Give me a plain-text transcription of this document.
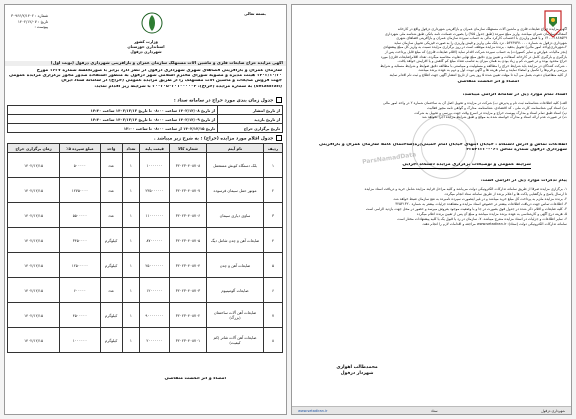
ParsNamadData
آگهی مزایده حراج ضایعات فلزی و ماشین آلات مستهلک سازمان عمران و بازآفرینی شهرداری دزفول واقع در کارخانه
آسفالت سازمان عمران میباشد. واریز مبلغ سپرده (طبق جدول ۵%) را بصورت ضمانت نامه بانکی طبق شناسه ملی شهرداری
۱۴۰۰۰۱۸۶۸۵۴۹ و یا فیش واریزی با احتساب کارکرد مالی به حساب سپرده سازمان عمران و بازآفرینی فضاهای شهری
شهرداری دزفول به شماره ۰۵۶۳۶۷۳۷۰۰۰۰ نزد بانک ملی واریز و فیش واریزی را به صورت فیزیکی تحویل سازمان نماید
۲-شهرداری(واحد امور مالی) تحویل بدهید . برنده مزایده موظف است در روز برگزاری مزایده نسبت به واریز کل مبلغ پیشنهادی
(بجز مالیات، عوارض و سایر کسورات) به حساب سپرده شرکت اقدام نماید (اقلام ضایعات فلزی) که مبلغ قابل پرداخت پس از
بازگیری و بارگیری کامل در کارخانه آسفالت و تعیین وزن دقیق مبلغ نهایی تفاوت محاسبه میگردد. تعداد اقلام(ضایعات فلزی) مورد
حراج محدود بوده و در صورت کم و زیاد بودن به همان میزان به تناسب تعداد مبلغ کم گاهش و یا افزایش خواهد یافت.
- شرکت کنندگان در مزایده باید شرایط حراج را مطالعه و مسئولیت و مبیاستی با مطالعه دقیق ضوابط و شرایط مسئابه و شرایط
بررسی و فرم‌ها را تکمیل و امضاء نمایند و تمام هزینه ها و آگهی نوبت اول و دوم به عهده برنده میباشد.
از کلیه متقاضیان دعوت بعمل می آید تا مهلت تعیین شده ۵ روز پس از تاریخ انتشار آگهی جهت اطلاع و ثبت نام اقدام نمایند
امضاء و اثر انگشت متقاضی
اسناد تمام موارد ذیل در سامانه الزامی میباشد:
الف) کلیه اطلاعات شناسنامه ثبت نام و پذیرش ب) شرکت در مزایده و تحویل اصل آن به ساختمان شماره ۲ در واحد امور مالی
ب) اسناد کپی شناسنامه، کارت ملی ، کد اقتصادی، شناسنامه، مدارک و گواهی نامه مجوز فعالیت
پ) اسناد طبق تمام اسناد و مدارک پیوست حراج و مزایده در اسرع وقت جهت بررسی و تحویل به شرکت
ت) در صورت عدم ارائه اسناد و مدارک خواسته شده به موقع و طبق شرایط مزایده اجرا نخواهد شد
اطلاعات تماس و آدرس دستگاه : خیابان انتهای خیابان امام خمینی(ره)ساختمان کاملا سازمان عمران و بازآفرینی
شهرداری دزفول شماره تماس ۰۶۱-۴۲۵۴۱۳۲۰
شرایط عمومی و توضیحات برگزاری مزایده دستگاه اجرایی
پیام تذکرات موارد ذیل در الزامی است:
۱- برگزاری مزایده صرفاً از طریق سامانه تدارکات الکترونیکی دولت می‌باشد و کلیه مراحل فرایند مزایده شامل خرید و دریافت اسناد مزایده
تا ارسال پاسخ و بازگشایی پاکت ها و اعلام برنده از طریق سامانه ستاد انجام میگردد.
۲- برنده مزایده ملزم به پرداخت کل مبلغ خرید میباشد و در غیر اینصورت سپرده نامبرده به نفع سازمان ضبط خواهد شد.
۳- اطلاعات تماس جهت دریافت اطلاعات بیشتر در خصوص اسناد مزایده و مشاهده جزئیات بیشتر به شماره ۴۲۵۴۱۳۲۰
۴- کلیه ضایعات و اقلام ذکر شده در جدول فوق بصورت در جا و با وضعیت موجود بفروش میرسد و حضور در محل جهت بازدید الزامی است
۵- هزینه درج آگهی و کارشناسی به عهده برنده مزایده میباشد و مبلغ آن پس از تعیین برنده اعلام میگردد
۶- سایر اطلاعات و جزئیات در اسناد مزایده مندرج میباشد. ۷- سازمان در رد یا قبول یک یا کلیه پیشنهادات مختار است
سامانه تدارکات الکترونیکی دولت (ستاد): www.setadiran.ir مراجعه و اقدامات لازم را انجام دهند.
محمدطالب اهوازی
شهردار دزفول
شهرداری دزفول
ستاد
www.setadiran.ir
بسمه تعالی
وزارت کشور
استانداری خوزستان
شهرداری دزفول
شماره : ۳۰۹۶۶/۲/۱۴۰۲
تاریخ : ۱۴۰۲/۱۲/۰۷
پیوست :
آگهی مزایده حراج ضایعات فلزی و ماشین آلات مستهلک سازمان عمران و بازآفرینی شهرداری دزفول (نوبت اول)
سازمان عمران و بازآفرینی فضاهای شهری شهرداری دزفول در نظر دارد برابر با صورتجلسه شماره ۱۶۲۷ مورخ
۱۴۰۲/۱۰/۳۰ هیئت مدیره و مصوبه شورای محترم اسلامی شهر دزفول به منظور استفاده صدور مجوز برگزاری مزایده عمومی
جهت فروش ضایعات و ماشین آلات مستهلک را از طریق مزایده عمومی (حراج) در سامانه ستاد ایران
(setadiran) به شماره مزایده (حراج): ۳۰۰۲۰۵۰۳۰۱۰۰۰۰۰۴ با شرایط زیر اقدام نماید:
جدول زمان بندی مورد حراج در سامانه ستاد :
از تاریخ انتشار	از تاریخ ۱۴۰۲/۱۲/۰۸ ساعت ۰۸:۰۰ تا تاریخ ۱۴۰۲/۱۲/۱۲ ساعت ۱۴:۳۰
از تاریخ بازدید	از تاریخ ۱۴۰۲/۱۲/۰۹ ساعت ۰۸:۰۰ تا تاریخ ۱۴۰۲/۱۲/۱۴ ساعت ۱۴:۳۰
تاریخ برگزاری حراج	تاریخ ۱۴۰۲/۱۲/۱۵ از ساعت ۰۸:۰۰ تا ساعت ۱۲:۰۰
جدول اقلام مورد مزایده (حراج) : به شرح زیر میباشد .
ردیف	نام آیتم	شماره کالا	قیمت پایه	تعداد	واحد	مبلغ سپرده ۵٪	زمان برگزاری حراج
۱	بلک دستگاه کوبش مستعمل	۳۲۰۲۳۰۴۰۸۷۰۸	۱۰۰۰۰۰۰۰	۱	عدد	۵۰۰۰۰۰	۱۴۰۲/۱۲/۱۵
۲	موتور حمل سیمان فرسوده	۳۲۰۲۳۰۴۰۸۷۰۷	۲۳۵۰۰۰۰۰۰	۱	عدد	۱۲۷۵۰۰۰۰	۱۴۰۲/۱۲/۱۵
۳	ساوی دیاری سیمان	۳۲۰۲۳۰۴۰۸۷۰۶	۱۱۰۰۰۰۰۰۰	۱	عدد	۵۵۰۰۰۰۰	۱۴۰۲/۱۲/۱۵
۴	ضایعات آهن و چدن شامل دیگ	۳۲۰۲۳۰۴۰۸۷۰۵	۸۷۰۰۰۰۰۰	۱	کیلوگرم	۳۴۵۰۰۰۰	۱۴۰۲/۱۲/۱۵
۵	ضایعات آهن و چدن	۳۲۰۲۳۰۴۰۸۷۰۴	۲۵۰۰۰۰۰۰۰	۱	کیلوگرم	۱۲۵۰۰۰۰۰	۱۴۰۲/۱۲/۱۵
۶	ضایعات آلومینیوم	۳۲۰۲۳۰۴۰۸۷۰۳	۱۲۰۰۰۰۰۰	۱	عدد	۶۰۰۰۰۰	۱۴۰۲/۱۲/۱۵
۷	ضایعات آهن آلات ساختمان (بزرگ)	۳۲۰۲۳۰۴۰۸۷۰۲	۹۰۰۰۰۰۰۰۰	۱	کیلوگرم	۴۵۰۰۰۰۰	۱۴۰۲/۱۲/۱۵
۸	ضایعات آهن آلات شاتر (کم کیفیت)	۳۲۰۲۳۰۴۰۸۷۰۱	۲۰۰۰۰۰۰۰	۱	کیلوگرم	۱۰۰۰۰۰۰	۱۴۰۲/۱۲/۱۵
امضاء و اثر انگشت متقاضی
